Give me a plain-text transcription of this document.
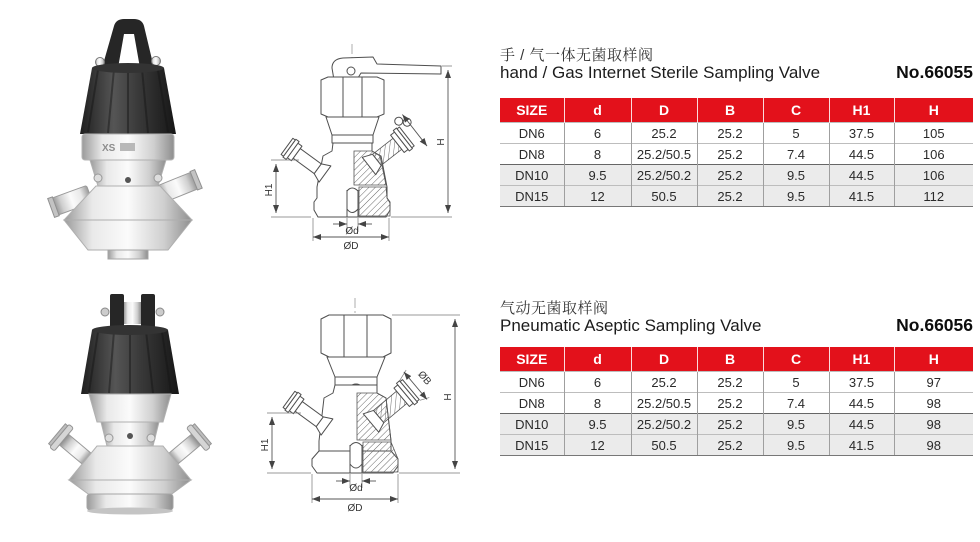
XS
H
H1
Ød
ØD
手 / 气一体无菌取样阀
hand / Gas Internet Sterile Sampling Valve	No.66055
SIZE	d	D	B	C	H1	H
DN6	6	25.2	25.2	5	37.5	105
DN8	8	25.2/50.5	25.2	7.4	44.5	106
DN10	9.5	25.2/50.2	25.2	9.5	44.5	106
DN15	12	50.5	25.2	9.5	41.5	112
ØB
H
H1
Ød
ØD
气动无菌取样阀
Pneumatic Aseptic Sampling Valve	No.66056
SIZE	d	D	B	C	H1	H
DN6	6	25.2	25.2	5	37.5	97
DN8	8	25.2/50.5	25.2	7.4	44.5	98
DN10	9.5	25.2/50.2	25.2	9.5	44.5	98
DN15	12	50.5	25.2	9.5	41.5	98
